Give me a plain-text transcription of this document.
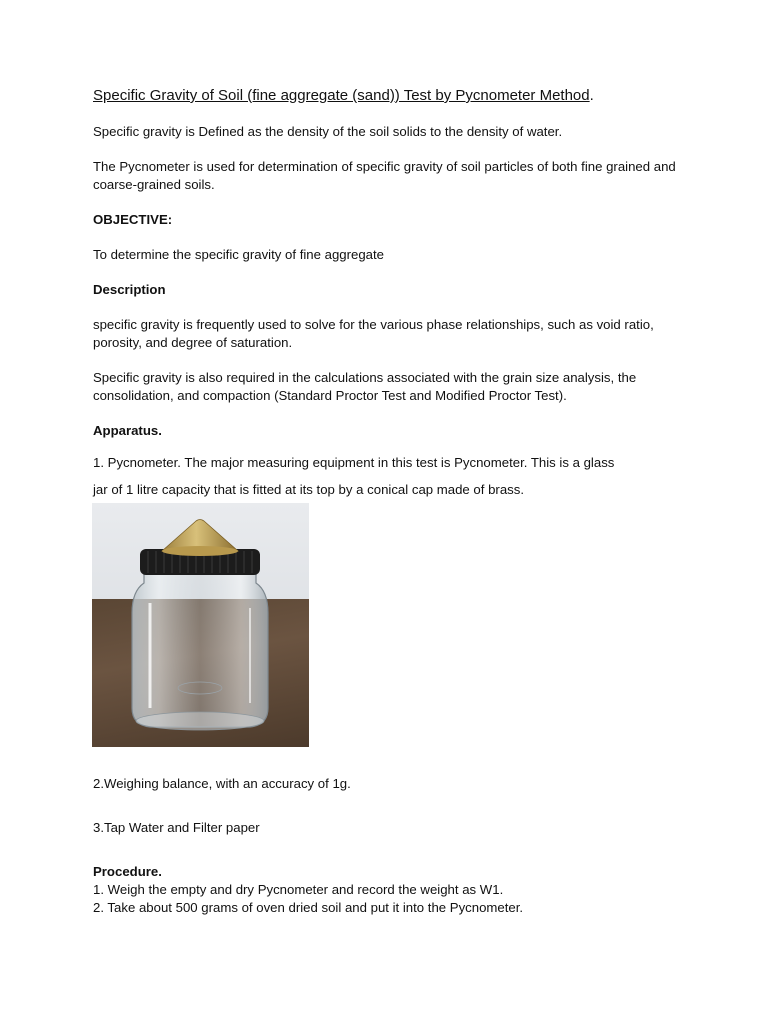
Specific Gravity of Soil (fine aggregate (sand)) Test by Pycnometer Method.

Specific gravity is Defined as the density of the soil solids to the density of water.

The Pycnometer is used for determination of specific gravity of soil particles of both fine grained and coarse-grained soils.

OBJECTIVE:

To determine the specific gravity of fine aggregate

Description

specific gravity is frequently used to solve for the various phase relationships, such as void ratio, porosity, and degree of saturation.

Specific gravity is also required in the calculations associated with the grain size analysis, the consolidation, and compaction (Standard Proctor Test and Modified Proctor Test).

Apparatus.

1. Pycnometer. The major measuring equipment in this test is Pycnometer. This is a glass

jar of 1 litre capacity that is fitted at its top by a conical cap made of brass.

2.Weighing balance, with an accuracy of 1g.

3.Tap Water and Filter paper

Procedure.

1. Weigh the empty and dry Pycnometer and record the weight as W1.

2. Take about 500 grams of oven dried soil and put it into the Pycnometer.
